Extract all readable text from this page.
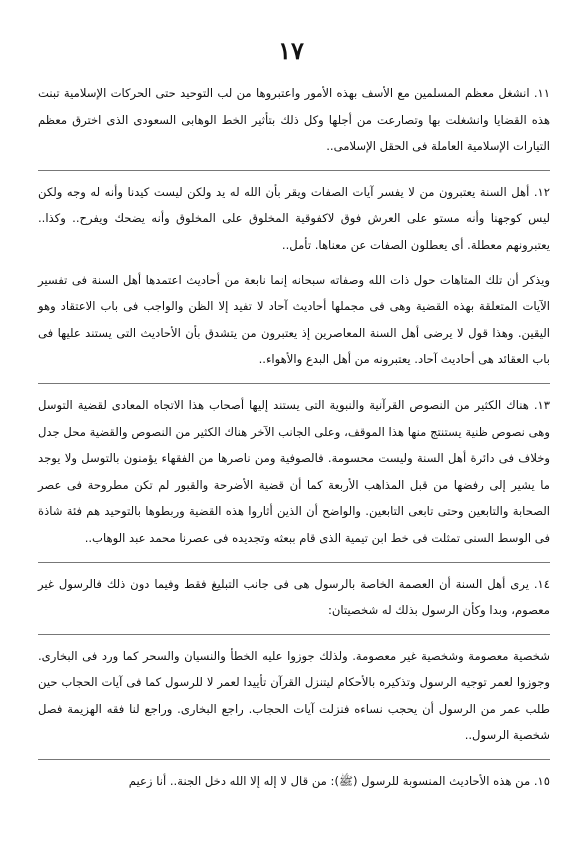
١٧

١١. انشغل معظم المسلمين مع الأسف بهذه الأمور واعتبروها من لب التوحيد حتى الحركات الإسلامية تبنت هذه القضايا وانشغلت بها وتصارعت من أجلها وكل ذلك بتأثير الخط الوهابى السعودى الذى اخترق معظم التيارات الإسلامية العاملة فى الحقل الإسلامى..

١٢. أهل السنة يعتبرون من لا يفسر آيات الصفات ويقر بأن الله له يد ولكن ليست كيدنا وأنه له وجه ولكن ليس كوجهنا وأنه مستو على العرش فوق لاكفوقية المخلوق على المخلوق وأنه يضحك ويفرح.. وكذا.. يعتبرونهم معطلة. أى يعطلون الصفات عن معناها. تأمل..

ويذكر أن تلك المتاهات حول ذات الله وصفاته سبحانه إنما نابعة من أحاديث اعتمدها أهل السنة فى تفسير الآيات المتعلقة بهذه القضية وهى فى مجملها أحاديث آحاد لا تفيد إلا الظن والواجب فى باب الاعتقاد وهو اليقين. وهذا قول لا يرضى أهل السنة المعاصرين إذ يعتبرون من يتشدق بأن الأحاديث التى يستند عليها فى باب العقائد هى أحاديث آحاد. يعتبرونه من أهل البدع والأهواء..

١٣. هناك الكثير من النصوص القرآنية والنبوية التى يستند إليها أصحاب هذا الاتجاه المعادى لقضية التوسل وهى نصوص ظنية يستنتج منها هذا الموقف، وعلى الجانب الآخر هناك الكثير من النصوص والقضية محل جدل وخلاف فى دائرة أهل السنة وليست محسومة. فالصوفية ومن ناصرها من الفقهاء يؤمنون بالتوسل ولا يوجد ما يشير إلى رفضها من قبل المذاهب الأربعة كما أن قضية الأضرحة والقبور لم تكن مطروحة فى عصر الصحابة والتابعين وحتى تابعى التابعين. والواضح أن الذين أثاروا هذه القضية وربطوها بالتوحيد هم فئة شاذة فى الوسط السنى تمثلت فى خط ابن تيمية الذى قام ببعثه وتجديده فى عصرنا محمد عبد الوهاب..

١٤. يرى أهل السنة أن العصمة الخاصة بالرسول هى فى جانب التبليغ فقط وفيما دون ذلك فالرسول غير معصوم، وبدا وكأن الرسول بذلك له شخصيتان:

شخصية معصومة وشخصية غير معصومة. ولذلك جوزوا عليه الخطأ والنسيان والسحر كما ورد فى البخارى. وجوزوا لعمر توجيه الرسول وتذكيره بالأحكام ليتنزل القرآن تأييدا لعمر لا للرسول كما فى آيات الحجاب حين طلب عمر من الرسول أن يحجب نساءه فنزلت آيات الحجاب. راجع البخارى. وراجع لنا فقه الهزيمة فصل شخصية الرسول..

١٥. من هذه الأحاديث المنسوبة للرسول (ﷺ): من قال لا إله إلا الله دخل الجنة.. أنا زعيم
